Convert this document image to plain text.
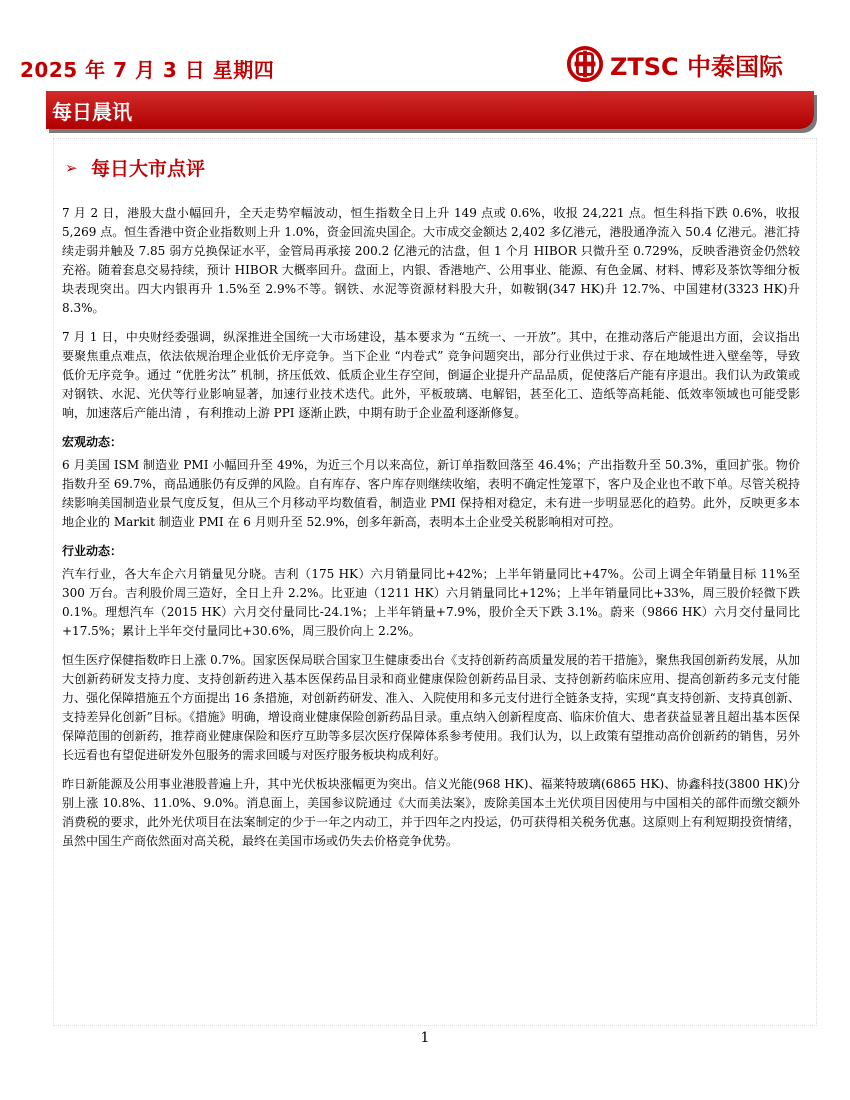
2025 年 7 月 3 日 星期四	ZTSC 中泰国际
每日晨讯
➢ 每日大市点评

7 月 2 日，港股大盘小幅回升，全天走势窄幅波动，恒生指数全日上升 149 点或 0.6%，收报 24,221 点。恒生科指下跌 0.6%，收报 5,269 点。恒生香港中资企业指数则上升 1.0%，资金回流央国企。大市成交金额达 2,402 多亿港元，港股通净流入 50.4 亿港元。港汇持续走弱并触及 7.85 弱方兑换保证水平，金管局再承接 200.2 亿港元的沽盘，但 1 个月 HIBOR 只微升至 0.729%，反映香港资金仍然较充裕。随着套息交易持续，预计 HIBOR 大概率回升。盘面上，内银、香港地产、公用事业、能源、有色金属、材料、博彩及茶饮等细分板块表现突出。四大内银再升 1.5%至 2.9%不等。钢铁、水泥等资源材料股大升，如鞍钢(347 HK)升 12.7%、中国建材(3323 HK)升 8.3%。

7 月 1 日，中央财经委强调，纵深推进全国统一大市场建设，基本要求为 “五统一、一开放”。其中，在推动落后产能退出方面，会议指出要聚焦重点难点，依法依规治理企业低价无序竞争。当下企业 “内卷式” 竞争问题突出，部分行业供过于求、存在地域性进入壁垒等，导致低价无序竞争。通过 “优胜劣汰” 机制，挤压低效、低质企业生存空间，倒逼企业提升产品品质，促使落后产能有序退出。我们认为政策或对钢铁、水泥、光伏等行业影响显著，加速行业技术迭代。此外，平板玻璃、电解铝，甚至化工、造纸等高耗能、低效率领域也可能受影响，加速落后产能出清 ，有利推动上游 PPI 逐渐止跌，中期有助于企业盈利逐渐修复。

宏观动态：

6 月美国 ISM 制造业 PMI 小幅回升至 49%，为近三个月以来高位，新订单指数回落至 46.4%；产出指数升至 50.3%，重回扩张。物价指数升至 69.7%，商品通胀仍有反弹的风险。自有库存、客户库存则继续收缩，表明不确定性笼罩下，客户及企业也不敢下单。尽管关税持续影响美国制造业景气度反复，但从三个月移动平均数值看，制造业 PMI 保持相对稳定，未有进一步明显恶化的趋势。此外，反映更多本地企业的 Markit 制造业 PMI 在 6 月则升至 52.9%，创多年新高，表明本土企业受关税影响相对可控。

行业动态：

汽车行业，各大车企六月销量见分晓。吉利（175 HK）六月销量同比+42%；上半年销量同比+47%。公司上调全年销量目标 11%至 300 万台。吉利股价周三造好，全日上升 2.2%。比亚迪（1211 HK）六月销量同比+12%；上半年销量同比+33%，周三股价轻微下跌 0.1%。理想汽车（2015 HK）六月交付量同比-24.1%；上半年销量+7.9%，股价全天下跌 3.1%。蔚来（9866 HK）六月交付量同比+17.5%；累计上半年交付量同比+30.6%，周三股价向上 2.2%。

恒生医疗保健指数昨日上涨 0.7%。国家医保局联合国家卫生健康委出台《支持创新药高质量发展的若干措施》，聚焦我国创新药发展，从加大创新药研发支持力度、支持创新药进入基本医保药品目录和商业健康保险创新药品目录、支持创新药临床应用、提高创新药多元支付能力、强化保障措施五个方面提出 16 条措施，对创新药研发、准入、入院使用和多元支付进行全链条支持，实现“真支持创新、支持真创新、支持差异化创新”目标。《措施》明确，增设商业健康保险创新药品目录。重点纳入创新程度高、临床价值大、患者获益显著且超出基本医保保障范围的创新药，推荐商业健康保险和医疗互助等多层次医疗保障体系参考使用。我们认为，以上政策有望推动高价创新药的销售，另外长远看也有望促进研发外包服务的需求回暖与对医疗服务板块构成利好。

昨日新能源及公用事业港股普遍上升，其中光伏板块涨幅更为突出。信义光能(968 HK)、福莱特玻璃(6865 HK)、协鑫科技(3800 HK)分别上涨 10.8%、11.0%、9.0%。消息面上，美国参议院通过《大而美法案》，废除美国本土光伏项目因使用与中国相关的部件而缴交额外消费税的要求，此外光伏项目在法案制定的少于一年之内动工，并于四年之内投运，仍可获得相关税务优惠。这原则上有利短期投资情绪，虽然中国生产商依然面对高关税，最终在美国市场或仍失去价格竞争优势。

1
